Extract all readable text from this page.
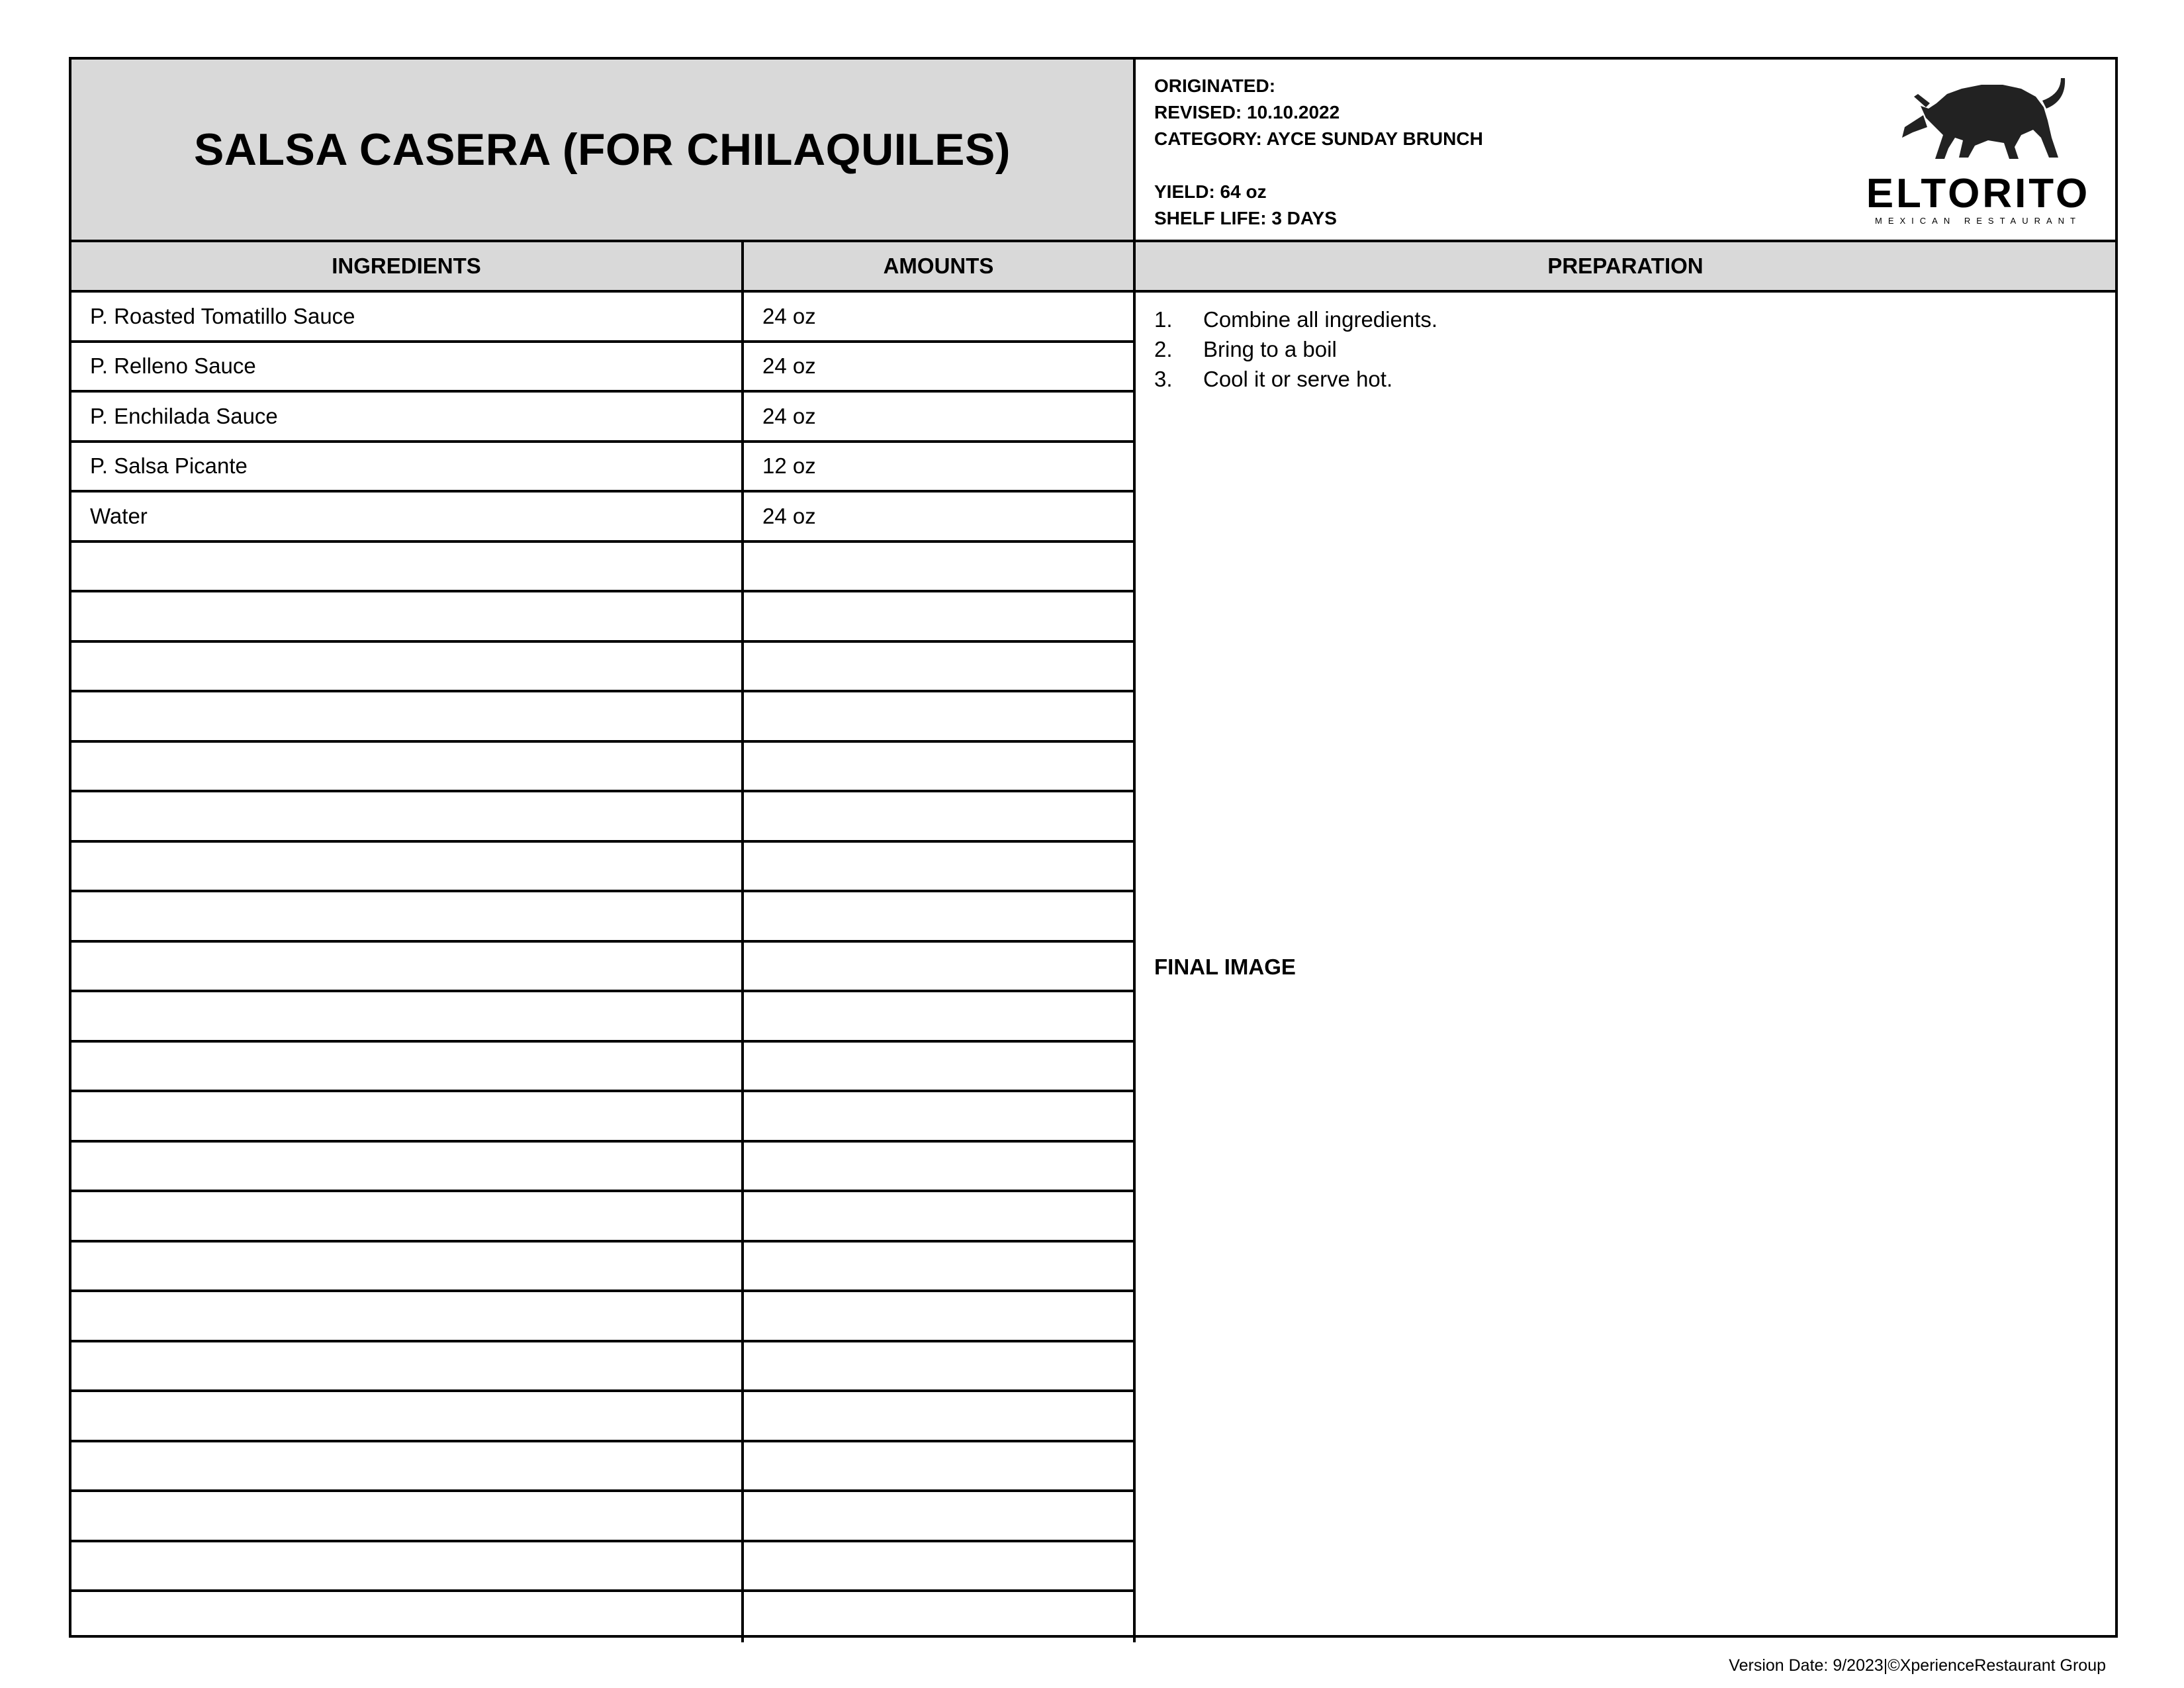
SALSA CASERA (FOR CHILAQUILES)
ORIGINATED:
REVISED: 10.10.2022
CATEGORY: AYCE SUNDAY BRUNCH
YIELD: 64 oz
SHELF LIFE: 3 DAYS
ELTORITO
MEXICAN RESTAURANT
INGREDIENTS	AMOUNTS	PREPARATION
P. Roasted Tomatillo Sauce	24 oz
P. Relleno Sauce	24 oz
P. Enchilada Sauce	24 oz
P. Salsa Picante	12 oz
Water	24 oz
1.	Combine all ingredients.
2.	Bring to a boil
3.	Cool it or serve hot.
FINAL IMAGE
Version Date: 9/2023|©XperienceRestaurant Group
